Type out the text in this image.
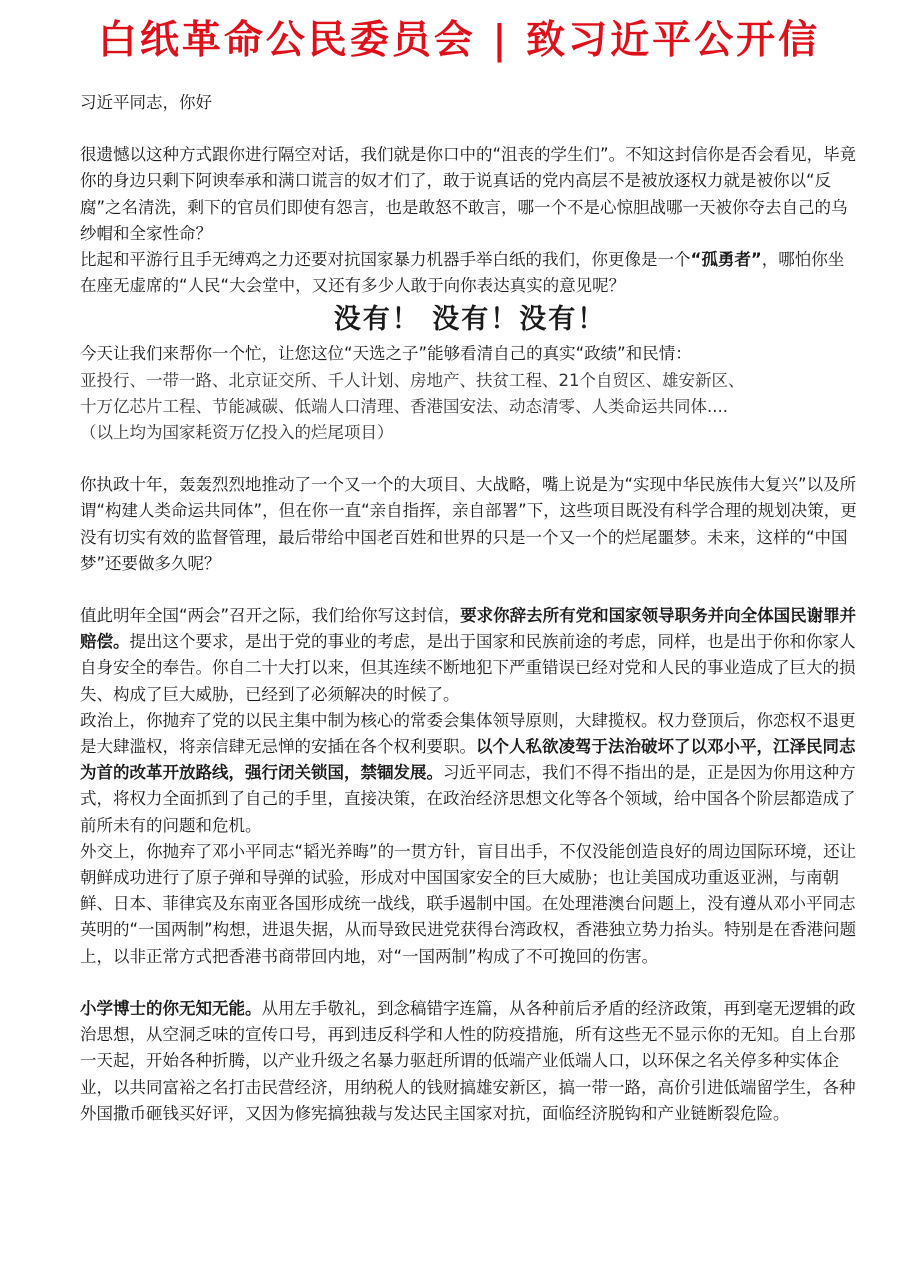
白纸革命公民委员会 | 致习近平公开信

习近平同志，你好

很遗憾以这种方式跟你进行隔空对话，我们就是你口中的“沮丧的学生们”。不知这封信你是否会看见，毕竟你的身边只剩下阿谀奉承和满口谎言的奴才们了，敢于说真话的党内高层不是被放逐权力就是被你以“反腐”之名清洗，剩下的官员们即使有怨言，也是敢怒不敢言，哪一个不是心惊胆战哪一天被你夺去自己的乌纱帽和全家性命？

比起和平游行且手无缚鸡之力还要对抗国家暴力机器手举白纸的我们，你更像是一个“孤勇者”，哪怕你坐在座无虚席的“人民“大会堂中，又还有多少人敢于向你表达真实的意见呢？

没有！ 没有！没有！

今天让我们来帮你一个忙，让您这位“天选之子”能够看清自己的真实“政绩”和民情：

亚投行、一带一路、北京证交所、千人计划、房地产、扶贫工程、21个自贸区、雄安新区、

十万亿芯片工程、节能减碳、低端人口清理、香港国安法、动态清零、人类命运共同体....

（以上均为国家耗资万亿投入的烂尾项目）

你执政十年，轰轰烈烈地推动了一个又一个的大项目、大战略，嘴上说是为“实现中华民族伟大复兴”以及所谓“构建人类命运共同体”，但在你一直“亲自指挥，亲自部署”下，这些项目既没有科学合理的规划决策，更没有切实有效的监督管理，最后带给中国老百姓和世界的只是一个又一个的烂尾噩梦。未来，这样的“中国梦”还要做多久呢？

值此明年全国“两会”召开之际，我们给你写这封信，要求你辞去所有党和国家领导职务并向全体国民谢罪并赔偿。提出这个要求，是出于党的事业的考虑，是出于国家和民族前途的考虑，同样，也是出于你和你家人自身安全的奉告。你自二十大打以来，但其连续不断地犯下严重错误已经对党和人民的事业造成了巨大的损失、构成了巨大威胁，已经到了必须解决的时候了。

政治上，你抛弃了党的以民主集中制为核心的常委会集体领导原则，大肆揽权。权力登顶后，你恋权不退更是大肆滥权，将亲信肆无忌惮的安插在各个权利要职。以个人私欲凌驾于法治破坏了以邓小平，江泽民同志为首的改革开放路线，强行闭关锁国，禁锢发展。习近平同志，我们不得不指出的是，正是因为你用这种方式，将权力全面抓到了自己的手里，直接决策，在政治经济思想文化等各个领域，给中国各个阶层都造成了前所未有的问题和危机。

外交上，你抛弃了邓小平同志“韬光养晦”的一贯方针，盲目出手，不仅没能创造良好的周边国际环境，还让朝鲜成功进行了原子弹和导弹的试验，形成对中国国家安全的巨大威胁；也让美国成功重返亚洲，与南朝鲜、日本、菲律宾及东南亚各国形成统一战线，联手遏制中国。在处理港澳台问题上，没有遵从邓小平同志英明的“一国两制”构想，进退失据，从而导致民进党获得台湾政权，香港独立势力抬头。特别是在香港问题上，以非正常方式把香港书商带回内地，对“一国两制”构成了不可挽回的伤害。

小学博士的你无知无能。从用左手敬礼，到念稿错字连篇，从各种前后矛盾的经济政策，再到毫无逻辑的政治思想，从空洞乏味的宣传口号，再到违反科学和人性的防疫措施，所有这些无不显示你的无知。自上台那一天起，开始各种折腾，以产业升级之名暴力驱赶所谓的低端产业低端人口，以环保之名关停多种实体企业，以共同富裕之名打击民营经济，用纳税人的钱财搞雄安新区，搞一带一路，高价引进低端留学生，各种外国撒币砸钱买好评，又因为修宪搞独裁与发达民主国家对抗，面临经济脱钩和产业链断裂危险。
